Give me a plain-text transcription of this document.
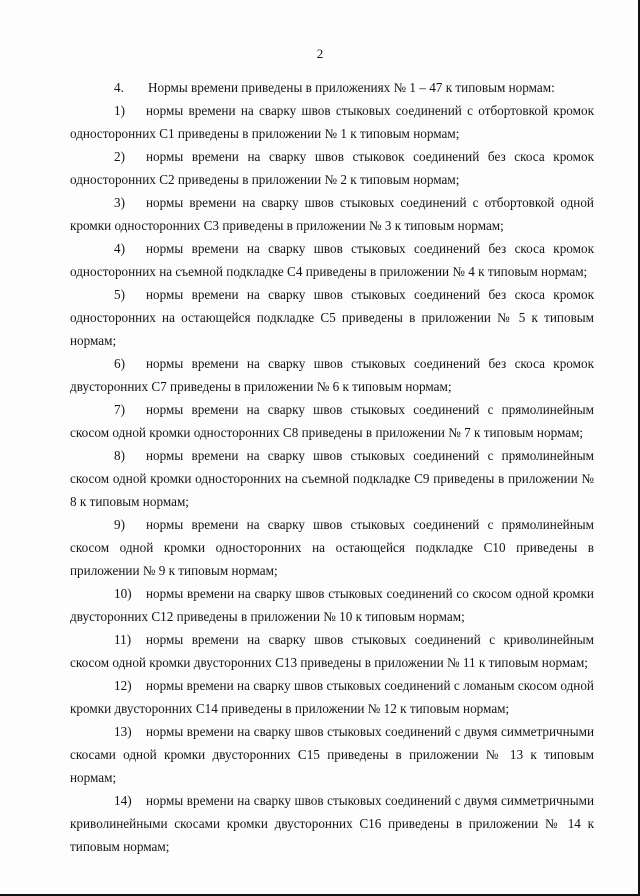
2

4. Нормы времени приведены в приложениях № 1 – 47 к типовым нормам:

1) нормы времени на сварку швов стыковых соединений с отбортовкой кромок односторонних С1 приведены в приложении № 1 к типовым нормам;

2) нормы времени на сварку швов стыковок соединений без скоса кромок односторонних С2 приведены в приложении № 2 к типовым нормам;

3) нормы времени на сварку швов стыковых соединений с отбортовкой одной кромки односторонних С3 приведены в приложении № 3 к типовым нормам;

4) нормы времени на сварку швов стыковых соединений без скоса кромок односторонних на съемной подкладке С4 приведены в приложении № 4 к типовым нормам;

5) нормы времени на сварку швов стыковых соединений без скоса кромок односторонних на остающейся подкладке С5 приведены в приложении № 5 к типовым нормам;

6) нормы времени на сварку швов стыковых соединений без скоса кромок двусторонних С7 приведены в приложении № 6 к типовым нормам;

7) нормы времени на сварку швов стыковых соединений с прямолинейным скосом одной кромки односторонних С8 приведены в приложении № 7 к типовым нормам;

8) нормы времени на сварку швов стыковых соединений с прямолинейным скосом одной кромки односторонних на съемной подкладке С9 приведены в приложении № 8 к типовым нормам;

9) нормы времени на сварку швов стыковых соединений с прямолинейным скосом одной кромки односторонних на остающейся подкладке С10 приведены в приложении № 9 к типовым нормам;

10) нормы времени на сварку швов стыковых соединений со скосом одной кромки двусторонних С12 приведены в приложении № 10 к типовым нормам;

11) нормы времени на сварку швов стыковых соединений с криволинейным скосом одной кромки двусторонних С13 приведены в приложении № 11 к типовым нормам;

12) нормы времени на сварку швов стыковых соединений с ломаным скосом одной кромки двусторонних С14 приведены в приложении № 12 к типовым нормам;

13) нормы времени на сварку швов стыковых соединений с двумя симметричными скосами одной кромки двусторонних С15 приведены в приложении № 13 к типовым нормам;

14) нормы времени на сварку швов стыковых соединений с двумя симметричными криволинейными скосами кромки двусторонних С16 приведены в приложении № 14 к типовым нормам;
